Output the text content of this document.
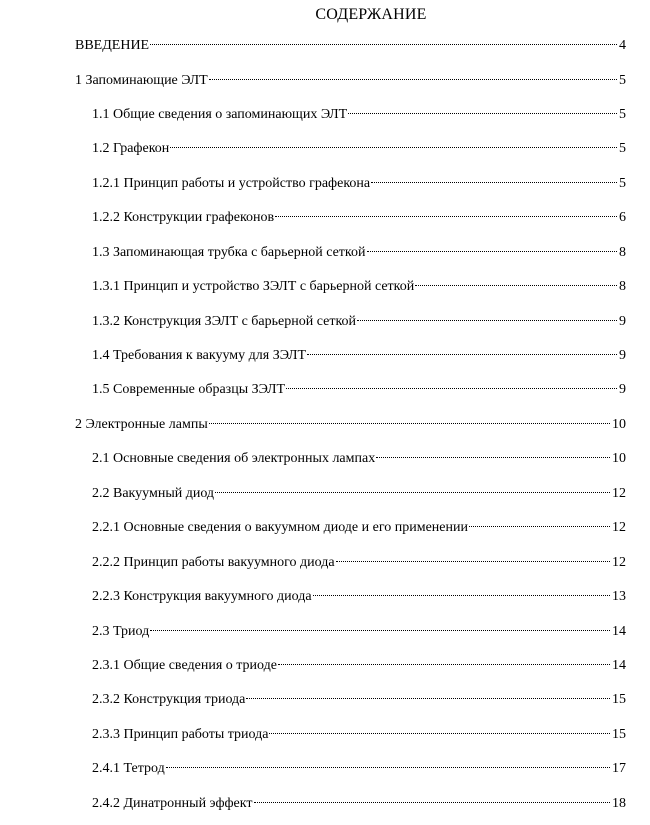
СОДЕРЖАНИЕ
ВВЕДЕНИЕ	4
1 Запоминающие ЭЛТ	5
1.1 Общие сведения о запоминающих ЭЛТ	5
1.2 Графекон	5
1.2.1 Принцип работы и устройство графекона	5
1.2.2 Конструкции графеконов	6
1.3 Запоминающая трубка с барьерной сеткой	8
1.3.1 Принцип и устройство ЗЭЛТ с барьерной сеткой	8
1.3.2 Конструкция ЗЭЛТ с барьерной сеткой	9
1.4 Требования к вакууму для ЗЭЛТ	9
1.5 Современные образцы ЗЭЛТ	9
2 Электронные лампы	10
2.1 Основные сведения об электронных лампах	10
2.2 Вакуумный диод	12
2.2.1 Основные сведения о вакуумном диоде и его применении	12
2.2.2 Принцип работы вакуумного диода	12
2.2.3 Конструкция вакуумного диода	13
2.3 Триод	14
2.3.1 Общие сведения о триоде	14
2.3.2 Конструкция триода	15
2.3.3 Принцип работы триода	15
2.4.1 Тетрод	17
2.4.2 Динатронный эффект	18
